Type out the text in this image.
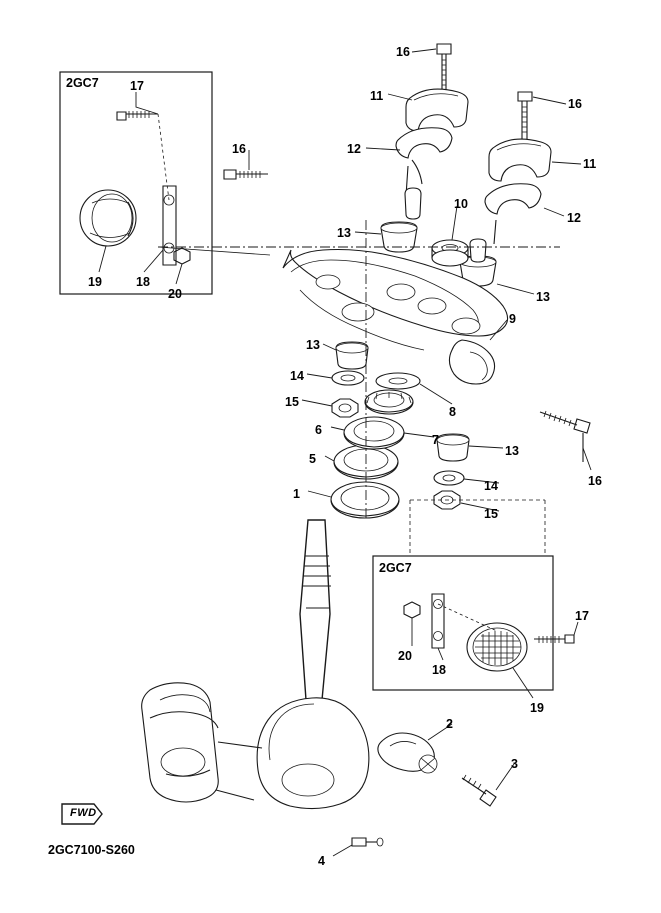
FWD
2GC7100-S260
2GC7
2GC7
16
11
16
12
11
17
16
12
10
13
19	18
20	13
9
13
14
8
15
6
7
13
5
16
14
1
15
17
20
18
19
2
3
4
